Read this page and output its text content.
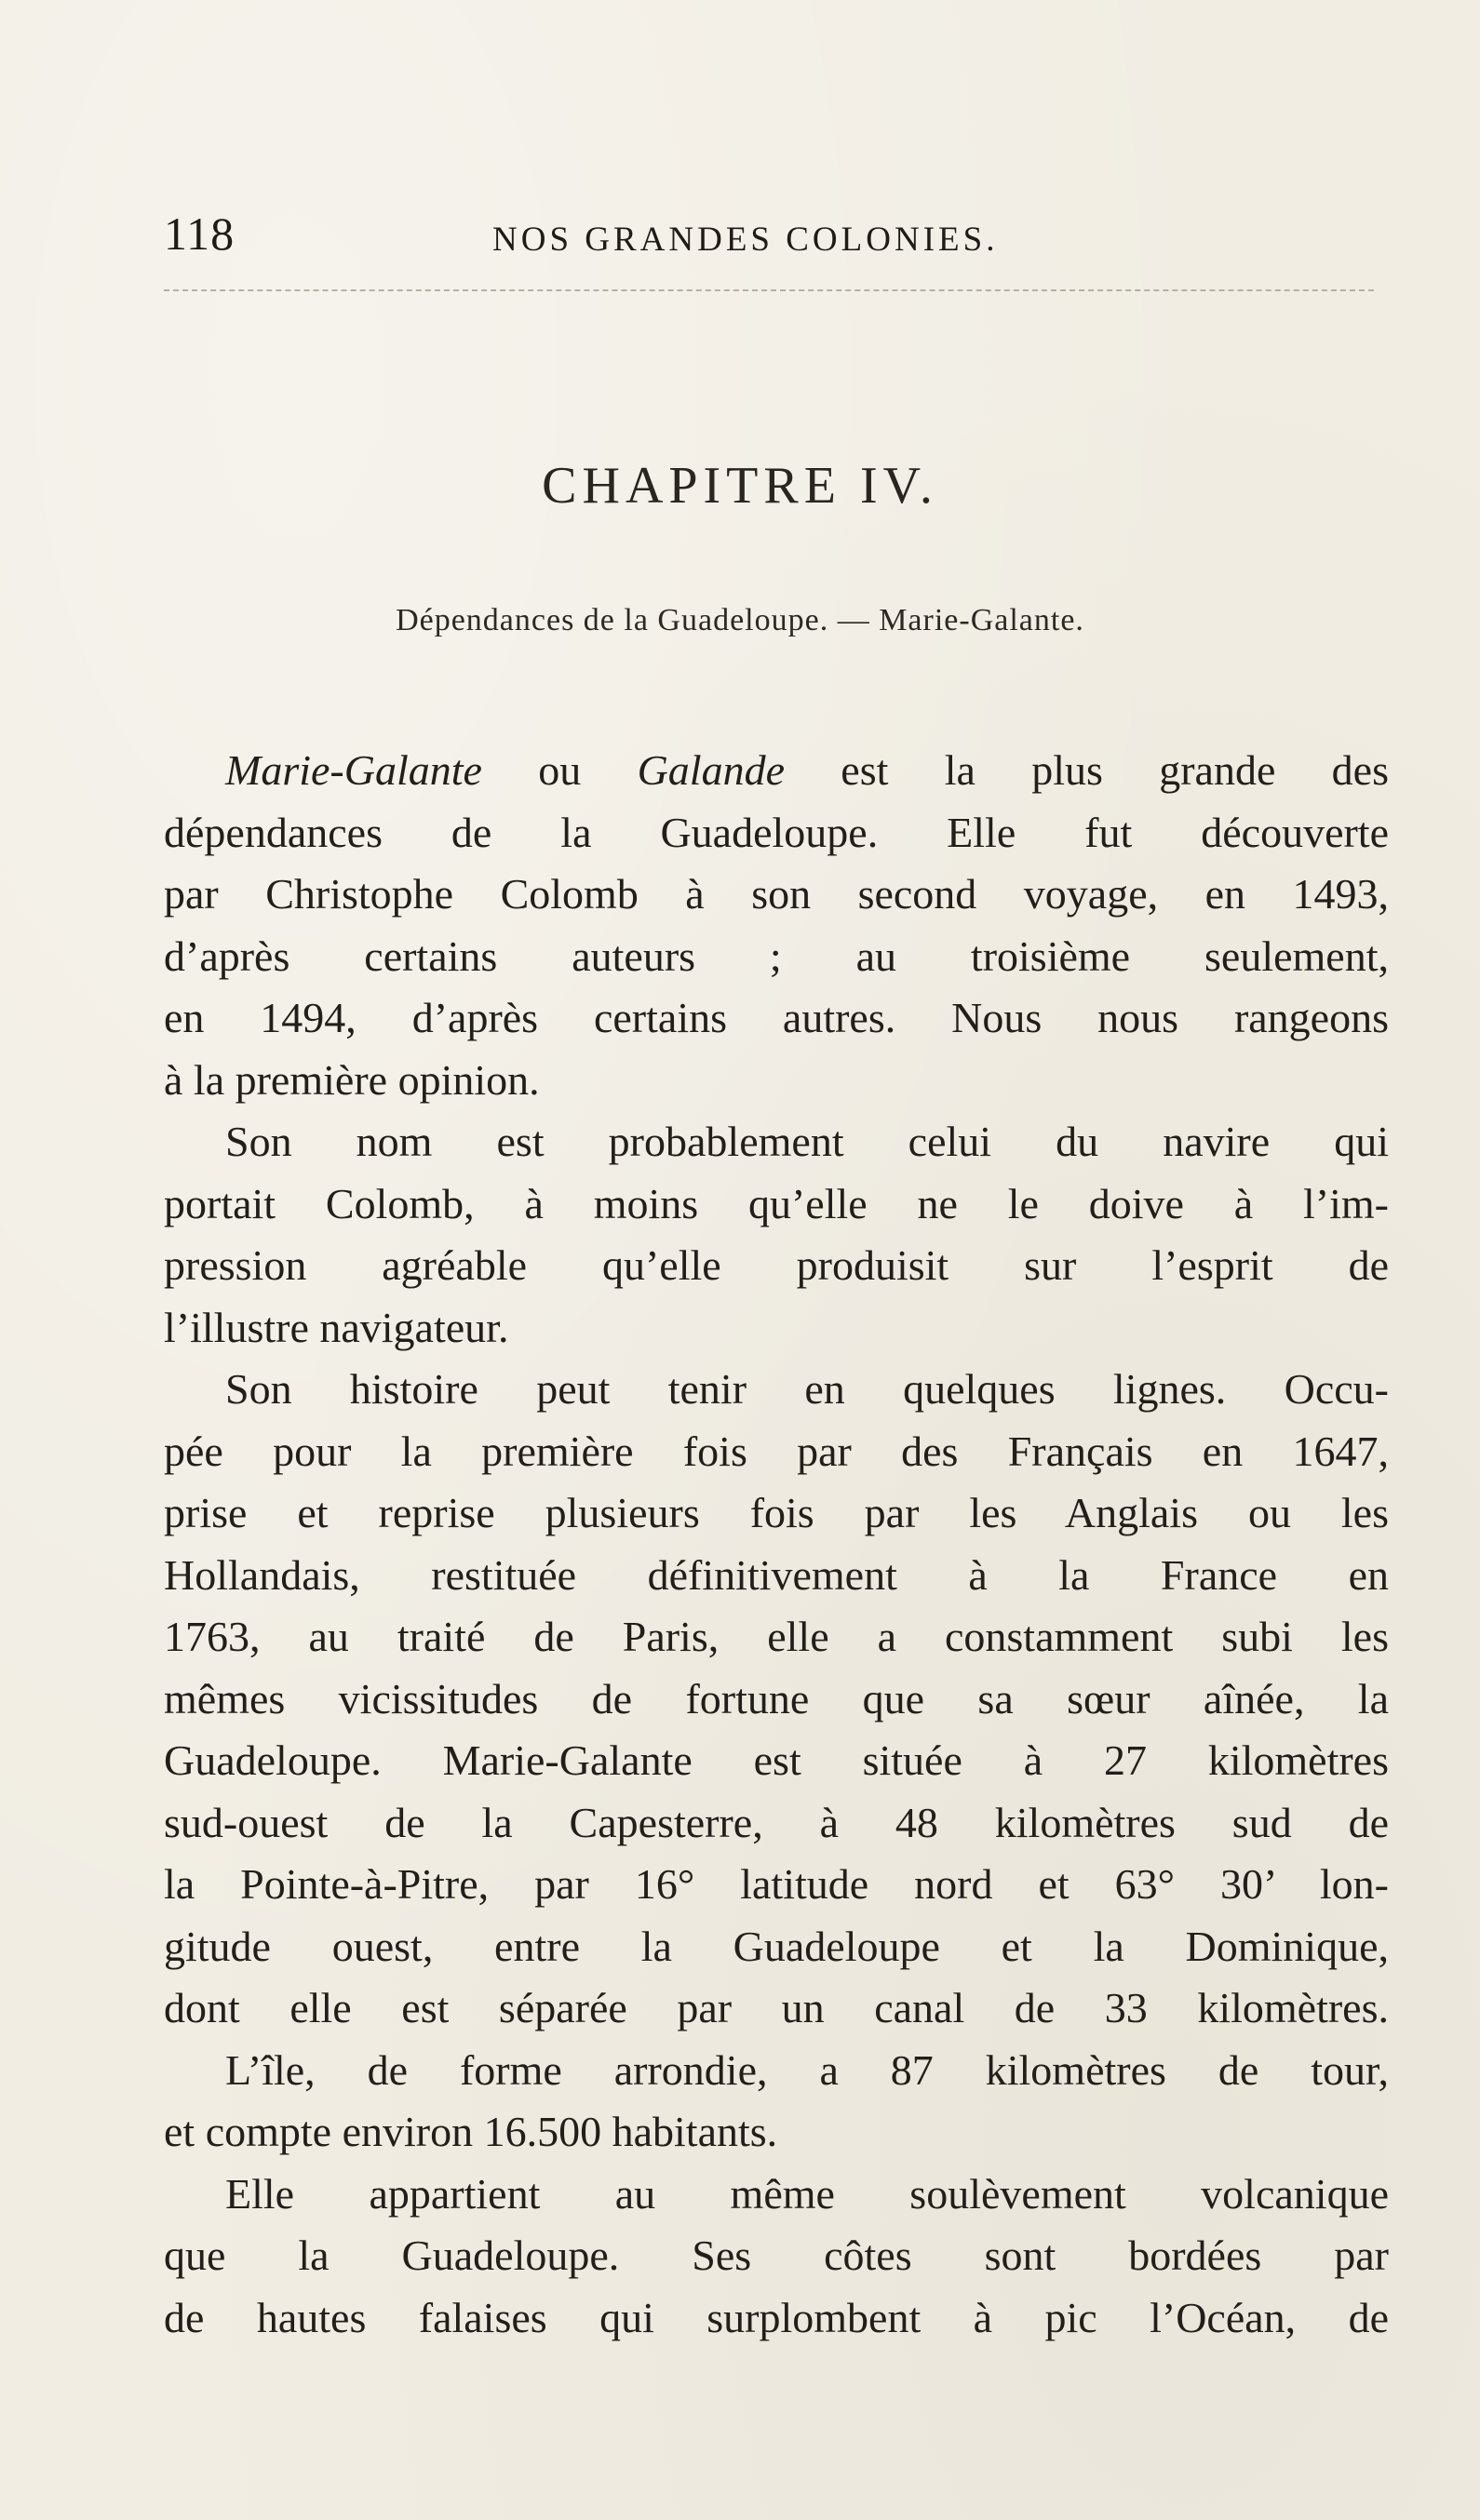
118	NOS GRANDES COLONIES.
CHAPITRE IV.
Dépendances de la Guadeloupe. — Marie-Galante.
Marie-Galante ou Galande est la plus grande des
dépendances de la Guadeloupe. Elle fut découverte
par Christophe Colomb à son second voyage, en 1493,
d’après certains auteurs ; au troisième seulement,
en 1494, d’après certains autres. Nous nous rangeons
à la première opinion.
Son nom est probablement celui du navire qui
portait Colomb, à moins qu’elle ne le doive à l’im-
pression agréable qu’elle produisit sur l’esprit de
l’illustre navigateur.
Son histoire peut tenir en quelques lignes. Occu-
pée pour la première fois par des Français en 1647,
prise et reprise plusieurs fois par les Anglais ou les
Hollandais, restituée définitivement à la France en
1763, au traité de Paris, elle a constamment subi les
mêmes vicissitudes de fortune que sa sœur aînée, la
Guadeloupe. Marie-Galante est située à 27 kilomètres
sud-ouest de la Capesterre, à 48 kilomètres sud de
la Pointe-à-Pitre, par 16° latitude nord et 63° 30’ lon-
gitude ouest, entre la Guadeloupe et la Dominique,
dont elle est séparée par un canal de 33 kilomètres.
L’île, de forme arrondie, a 87 kilomètres de tour,
et compte environ 16.500 habitants.
Elle appartient au même soulèvement volcanique
que la Guadeloupe. Ses côtes sont bordées par
de hautes falaises qui surplombent à pic l’Océan, de
